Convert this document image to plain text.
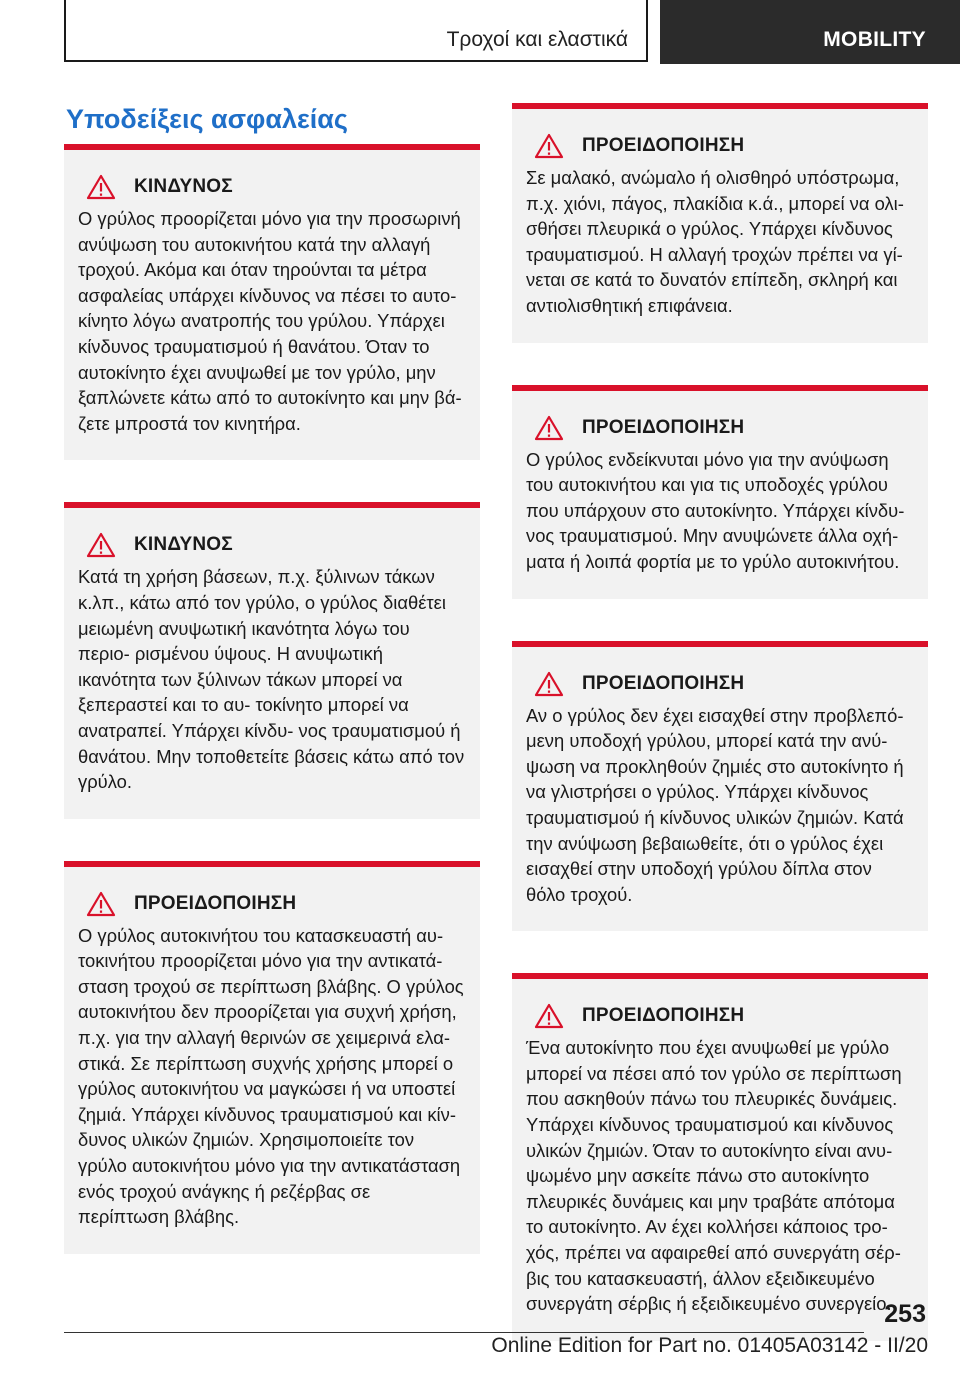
Τροχοί και ελαστικά	MOBILITY
Υποδείξεις ασφαλείας
ΚΙΝΔΥΝΟΣ

Ο γρύλος προορίζεται μόνο για την προσωρινή ανύψωση του αυτοκινήτου κατά την αλλαγή τροχού. Ακόμα και όταν τηρούνται τα μέτρα ασφαλείας υπάρχει κίνδυνος να πέσει το αυτο- κίνητο λόγω ανατροπής του γρύλου. Υπάρχει κίνδυνος τραυματισμού ή θανάτου. Όταν το αυτοκίνητο έχει ανυψωθεί με τον γρύλο, μην ξαπλώνετε κάτω από το αυτοκίνητο και μην βά- ζετε μπροστά τον κινητήρα.

ΚΙΝΔΥΝΟΣ

Κατά τη χρήση βάσεων, π.χ. ξύλινων τάκων κ.λπ., κάτω από τον γρύλο, ο γρύλος διαθέτει μειωμένη ανυψωτική ικανότητα λόγω του περιο- ρισμένου ύψους. Η ανυψωτική ικανότητα των ξύλινων τάκων μπορεί να ξεπεραστεί και το αυ- τοκίνητο μπορεί να ανατραπεί. Υπάρχει κίνδυ- νος τραυματισμού ή θανάτου. Μην τοποθετείτε βάσεις κάτω από τον γρύλο.

ΠΡΟΕΙΔΟΠΟΙΗΣΗ

Ο γρύλος αυτοκινήτου του κατασκευαστή αυ- τοκινήτου προορίζεται μόνο για την αντικατά- σταση τροχού σε περίπτωση βλάβης. Ο γρύλος αυτοκινήτου δεν προορίζεται για συχνή χρήση, π.χ. για την αλλαγή θερινών σε χειμερινά ελα- στικά. Σε περίπτωση συχνής χρήσης μπορεί ο γρύλος αυτοκινήτου να μαγκώσει ή να υποστεί ζημιά. Υπάρχει κίνδυνος τραυματισμού και κίν- δυνος υλικών ζημιών. Χρησιμοποιείτε τον γρύλο αυτοκινήτου μόνο για την αντικατάσταση ενός τροχού ανάγκης ή ρεζέρβας σε περίπτωση βλάβης.

ΠΡΟΕΙΔΟΠΟΙΗΣΗ

Σε μαλακό, ανώμαλο ή ολισθηρό υπόστρωμα, π.χ. χιόνι, πάγος, πλακίδια κ.ά., μπορεί να ολι- σθήσει πλευρικά ο γρύλος. Υπάρχει κίνδυνος τραυματισμού. Η αλλαγή τροχών πρέπει να γί- νεται σε κατά το δυνατόν επίπεδη, σκληρή και αντιολισθητική επιφάνεια.

ΠΡΟΕΙΔΟΠΟΙΗΣΗ

Ο γρύλος ενδείκνυται μόνο για την ανύψωση του αυτοκινήτου και για τις υποδοχές γρύλου που υπάρχουν στο αυτοκίνητο. Υπάρχει κίνδυ- νος τραυματισμού. Μην ανυψώνετε άλλα οχή- ματα ή λοιπά φορτία με το γρύλο αυτοκινήτου.

ΠΡΟΕΙΔΟΠΟΙΗΣΗ

Αν ο γρύλος δεν έχει εισαχθεί στην προβλεπό- μενη υποδοχή γρύλου, μπορεί κατά την ανύ- ψωση να προκληθούν ζημιές στο αυτοκίνητο ή να γλιστρήσει ο γρύλος. Υπάρχει κίνδυνος τραυματισμού ή κίνδυνος υλικών ζημιών. Κατά την ανύψωση βεβαιωθείτε, ότι ο γρύλος έχει εισαχθεί στην υποδοχή γρύλου δίπλα στον θόλο τροχού.

ΠΡΟΕΙΔΟΠΟΙΗΣΗ

Ένα αυτοκίνητο που έχει ανυψωθεί με γρύλο μπορεί να πέσει από τον γρύλο σε περίπτωση που ασκηθούν πάνω του πλευρικές δυνάμεις. Υπάρχει κίνδυνος τραυματισμού και κίνδυνος υλικών ζημιών. Όταν το αυτοκίνητο είναι ανυ- ψωμένο μην ασκείτε πάνω στο αυτοκίνητο πλευρικές δυνάμεις και μην τραβάτε απότομα το αυτοκίνητο. Αν έχει κολλήσει κάποιος τρο- χός, πρέπει να αφαιρεθεί από συνεργάτη σέρ- βις του κατασκευαστή, άλλον εξειδικευμένο συνεργάτη σέρβις ή εξειδικευμένο συνεργείο.

253
Online Edition for Part no. 01405A03142 - II/20
